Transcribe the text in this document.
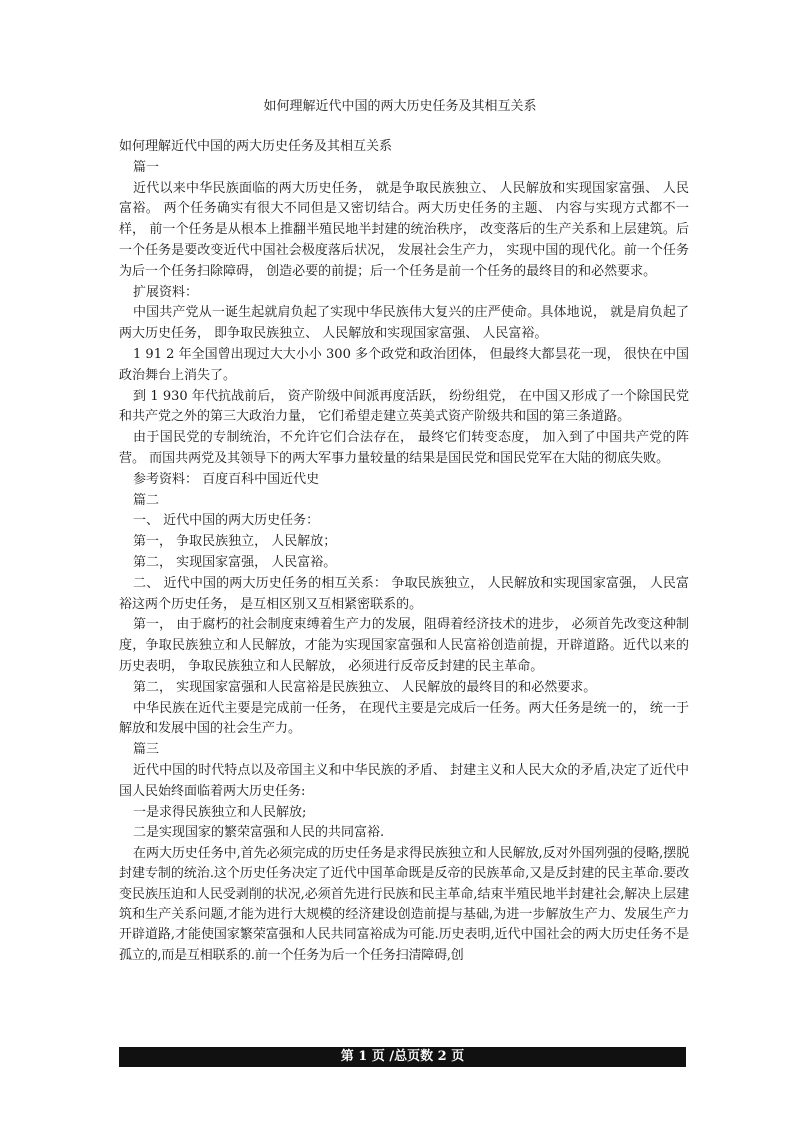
如何理解近代中国的两大历史任务及其相互关系

如何理解近代中国的两大历史任务及其相互关系

篇一

近代以来中华民族面临的两大历史任务， 就是争取民族独立、 人民解放和实现国家富强、 人民富裕。 两个任务确实有很大不同但是又密切结合。两大历史任务的主题、 内容与实现方式都不一样， 前一个任务是从根本上推翻半殖民地半封建的统治秩序， 改变落后的生产关系和上层建筑。后一个任务是要改变近代中国社会极度落后状况， 发展社会生产力， 实现中国的现代化。前一个任务为后一个任务扫除障碍， 创造必要的前提；后一个任务是前一个任务的最终目的和必然要求。

扩展资料：

中国共产党从一诞生起就肩负起了实现中华民族伟大复兴的庄严使命。具体地说， 就是肩负起了两大历史任务， 即争取民族独立、 人民解放和实现国家富强、 人民富裕。

1 91 2 年全国曾出现过大大小小 300 多个政党和政治团体， 但最终大都昙花一现， 很快在中国政治舞台上消失了。

到 1 930 年代抗战前后， 资产阶级中间派再度活跃， 纷纷组党， 在中国又形成了一个除国民党和共产党之外的第三大政治力量， 它们希望走建立英美式资产阶级共和国的第三条道路。

由于国民党的专制统治，不允许它们合法存在， 最终它们转变态度， 加入到了中国共产党的阵营。 而国共两党及其领导下的两大军事力量较量的结果是国民党和国民党军在大陆的彻底失败。

参考资料： 百度百科中国近代史

篇二

一、 近代中国的两大历史任务：

第一， 争取民族独立， 人民解放；

第二， 实现国家富强， 人民富裕。

二、 近代中国的两大历史任务的相互关系： 争取民族独立， 人民解放和实现国家富强， 人民富裕这两个历史任务， 是互相区别又互相紧密联系的。

第一， 由于腐朽的社会制度束缚着生产力的发展，阻碍着经济技术的进步， 必须首先改变这种制度，争取民族独立和人民解放，才能为实现国家富强和人民富裕创造前提，开辟道路。近代以来的历史表明， 争取民族独立和人民解放， 必须进行反帝反封建的民主革命。

第二， 实现国家富强和人民富裕是民族独立、 人民解放的最终目的和必然要求。

中华民族在近代主要是完成前一任务， 在现代主要是完成后一任务。两大任务是统一的， 统一于解放和发展中国的社会生产力。

篇三

近代中国的时代特点以及帝国主义和中华民族的矛盾、 封建主义和人民大众的矛盾,决定了近代中国人民始终面临着两大历史任务:

一是求得民族独立和人民解放;

二是实现国家的繁荣富强和人民的共同富裕.

在两大历史任务中,首先必须完成的历史任务是求得民族独立和人民解放,反对外国列强的侵略,摆脱封建专制的统治.这个历史任务决定了近代中国革命既是反帝的民族革命,又是反封建的民主革命.要改变民族压迫和人民受剥削的状况,必须首先进行民族和民主革命,结束半殖民地半封建社会,解决上层建筑和生产关系问题,才能为进行大规模的经济建设创造前提与基础,为进一步解放生产力、发展生产力开辟道路,才能使国家繁荣富强和人民共同富裕成为可能.历史表明,近代中国社会的两大历史任务不是孤立的,而是互相联系的.前一个任务为后一个任务扫清障碍,创

第 1 页 /总页数 2 页
